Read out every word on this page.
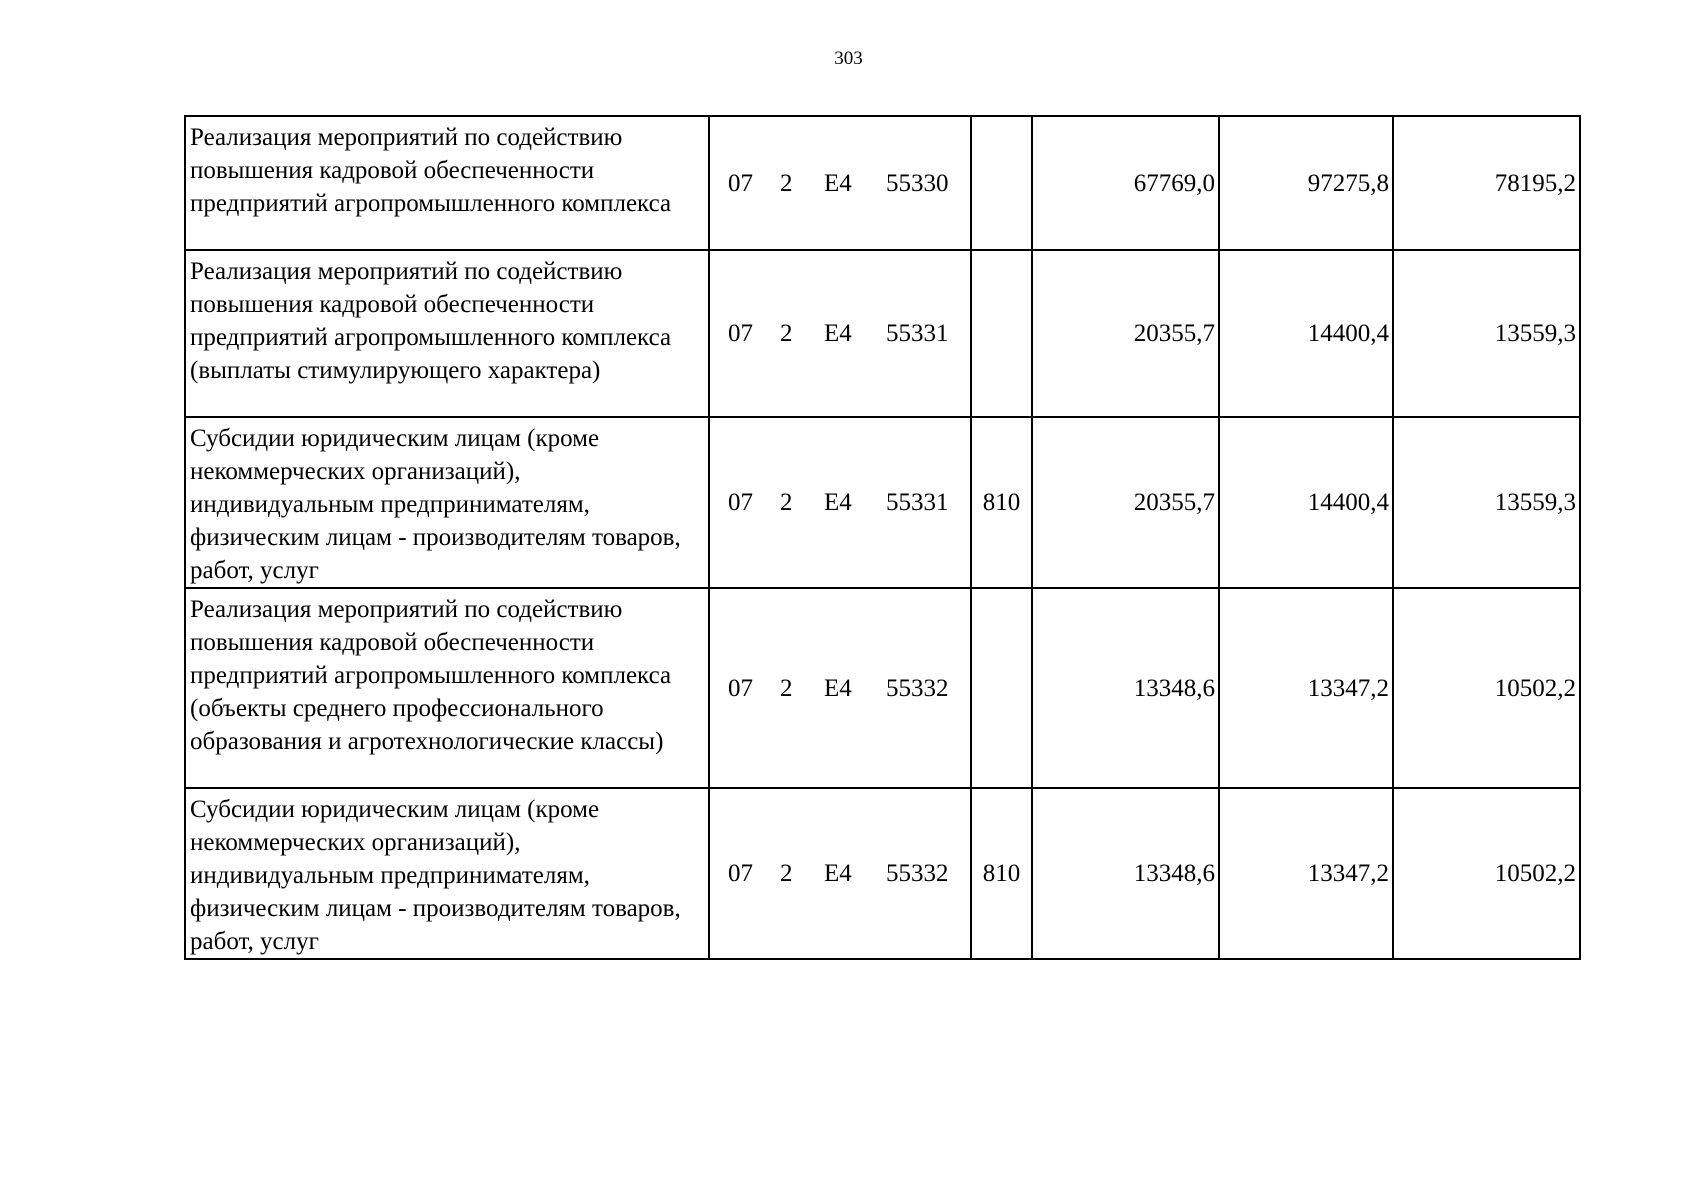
303
Реализация мероприятий по содействию повышения кадровой обеспеченности предприятий агропромышленного комплекса	07 2 E4 55330		67769,0	97275,8	78195,2
Реализация мероприятий по содействию повышения кадровой обеспеченности предприятий агропромышленного комплекса (выплаты стимулирующего характера)	07 2 E4 55331		20355,7	14400,4	13559,3
Субсидии юридическим лицам (кроме некоммерческих организаций), индивидуальным предпринимателям, физическим лицам - производителям товаров, работ, услуг	07 2 E4 55331	810	20355,7	14400,4	13559,3
Реализация мероприятий по содействию повышения кадровой обеспеченности предприятий агропромышленного комплекса (объекты среднего профессионального образования и агротехнологические классы)	07 2 E4 55332		13348,6	13347,2	10502,2
Субсидии юридическим лицам (кроме некоммерческих организаций), индивидуальным предпринимателям, физическим лицам - производителям товаров, работ, услуг	07 2 E4 55332	810	13348,6	13347,2	10502,2
